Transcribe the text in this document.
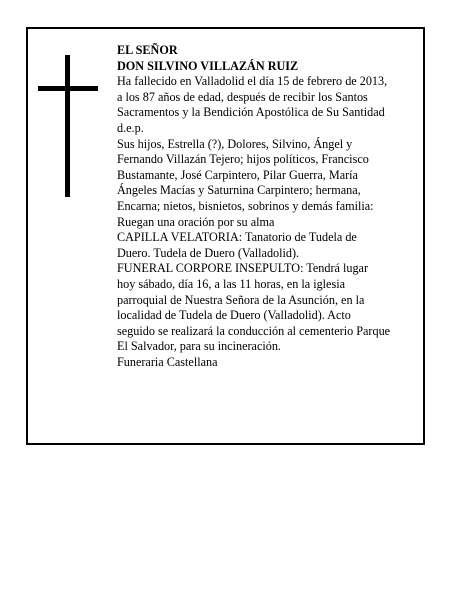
EL SEÑOR

DON SILVINO VILLAZÁN RUIZ

Ha fallecido en Valladolid el día 15 de febrero de 2013,

a los 87 años de edad, después de recibir los Santos

Sacramentos y la Bendición Apostólica de Su Santidad

d.e.p.

Sus hijos, Estrella (?), Dolores, Silvino, Ángel y

Fernando Villazán Tejero; hijos políticos, Francisco

Bustamante, José Carpintero, Pilar Guerra, María

Ángeles Macías y Saturnina Carpintero; hermana,

Encarna; nietos, bisnietos, sobrinos y demás familia:

Ruegan una oración por su alma

CAPILLA VELATORIA: Tanatorio de Tudela de

Duero. Tudela de Duero (Valladolid).

FUNERAL CORPORE INSEPULTO: Tendrá lugar

hoy sábado, día 16, a las 11 horas, en la iglesia

parroquial de Nuestra Señora de la Asunción, en la

localidad de Tudela de Duero (Valladolid). Acto

seguido se realizará la conducción al cementerio Parque

El Salvador, para su incineración.

Funeraria Castellana
